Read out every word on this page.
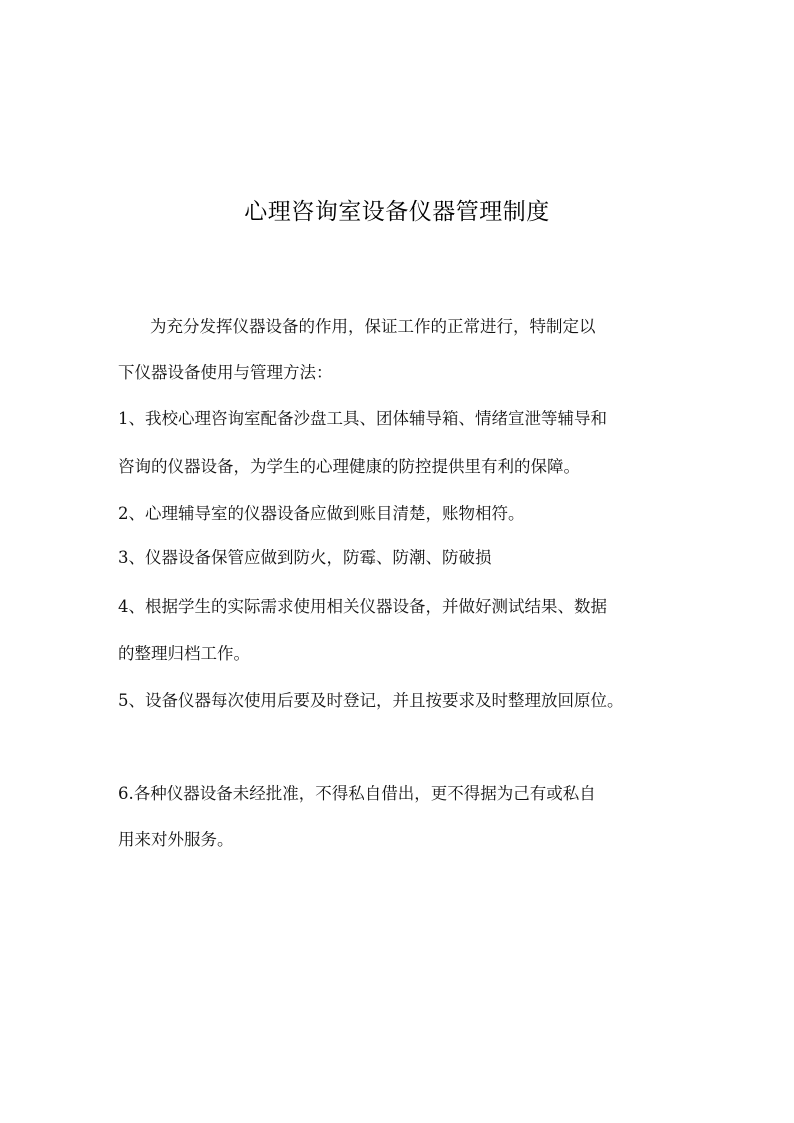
心理咨询室设备仪器管理制度
为充分发挥仪器设备的作用，保证工作的正常进行，特制定以
下仪器设备使用与管理方法：
1、我校心理咨询室配备沙盘工具、团体辅导箱、情绪宣泄等辅导和
咨询的仪器设备，为学生的心理健康的防控提供里有利的保障。
2、心理辅导室的仪器设备应做到账目清楚，账物相符。
3、仪器设备保管应做到防火，防霉、防潮、防破损
4、根据学生的实际需求使用相关仪器设备，并做好测试结果、数据
的整理归档工作。
5、设备仪器每次使用后要及时登记，并且按要求及时整理放回原位。
6.各种仪器设备未经批准，不得私自借出，更不得据为己有或私自
用来对外服务。
